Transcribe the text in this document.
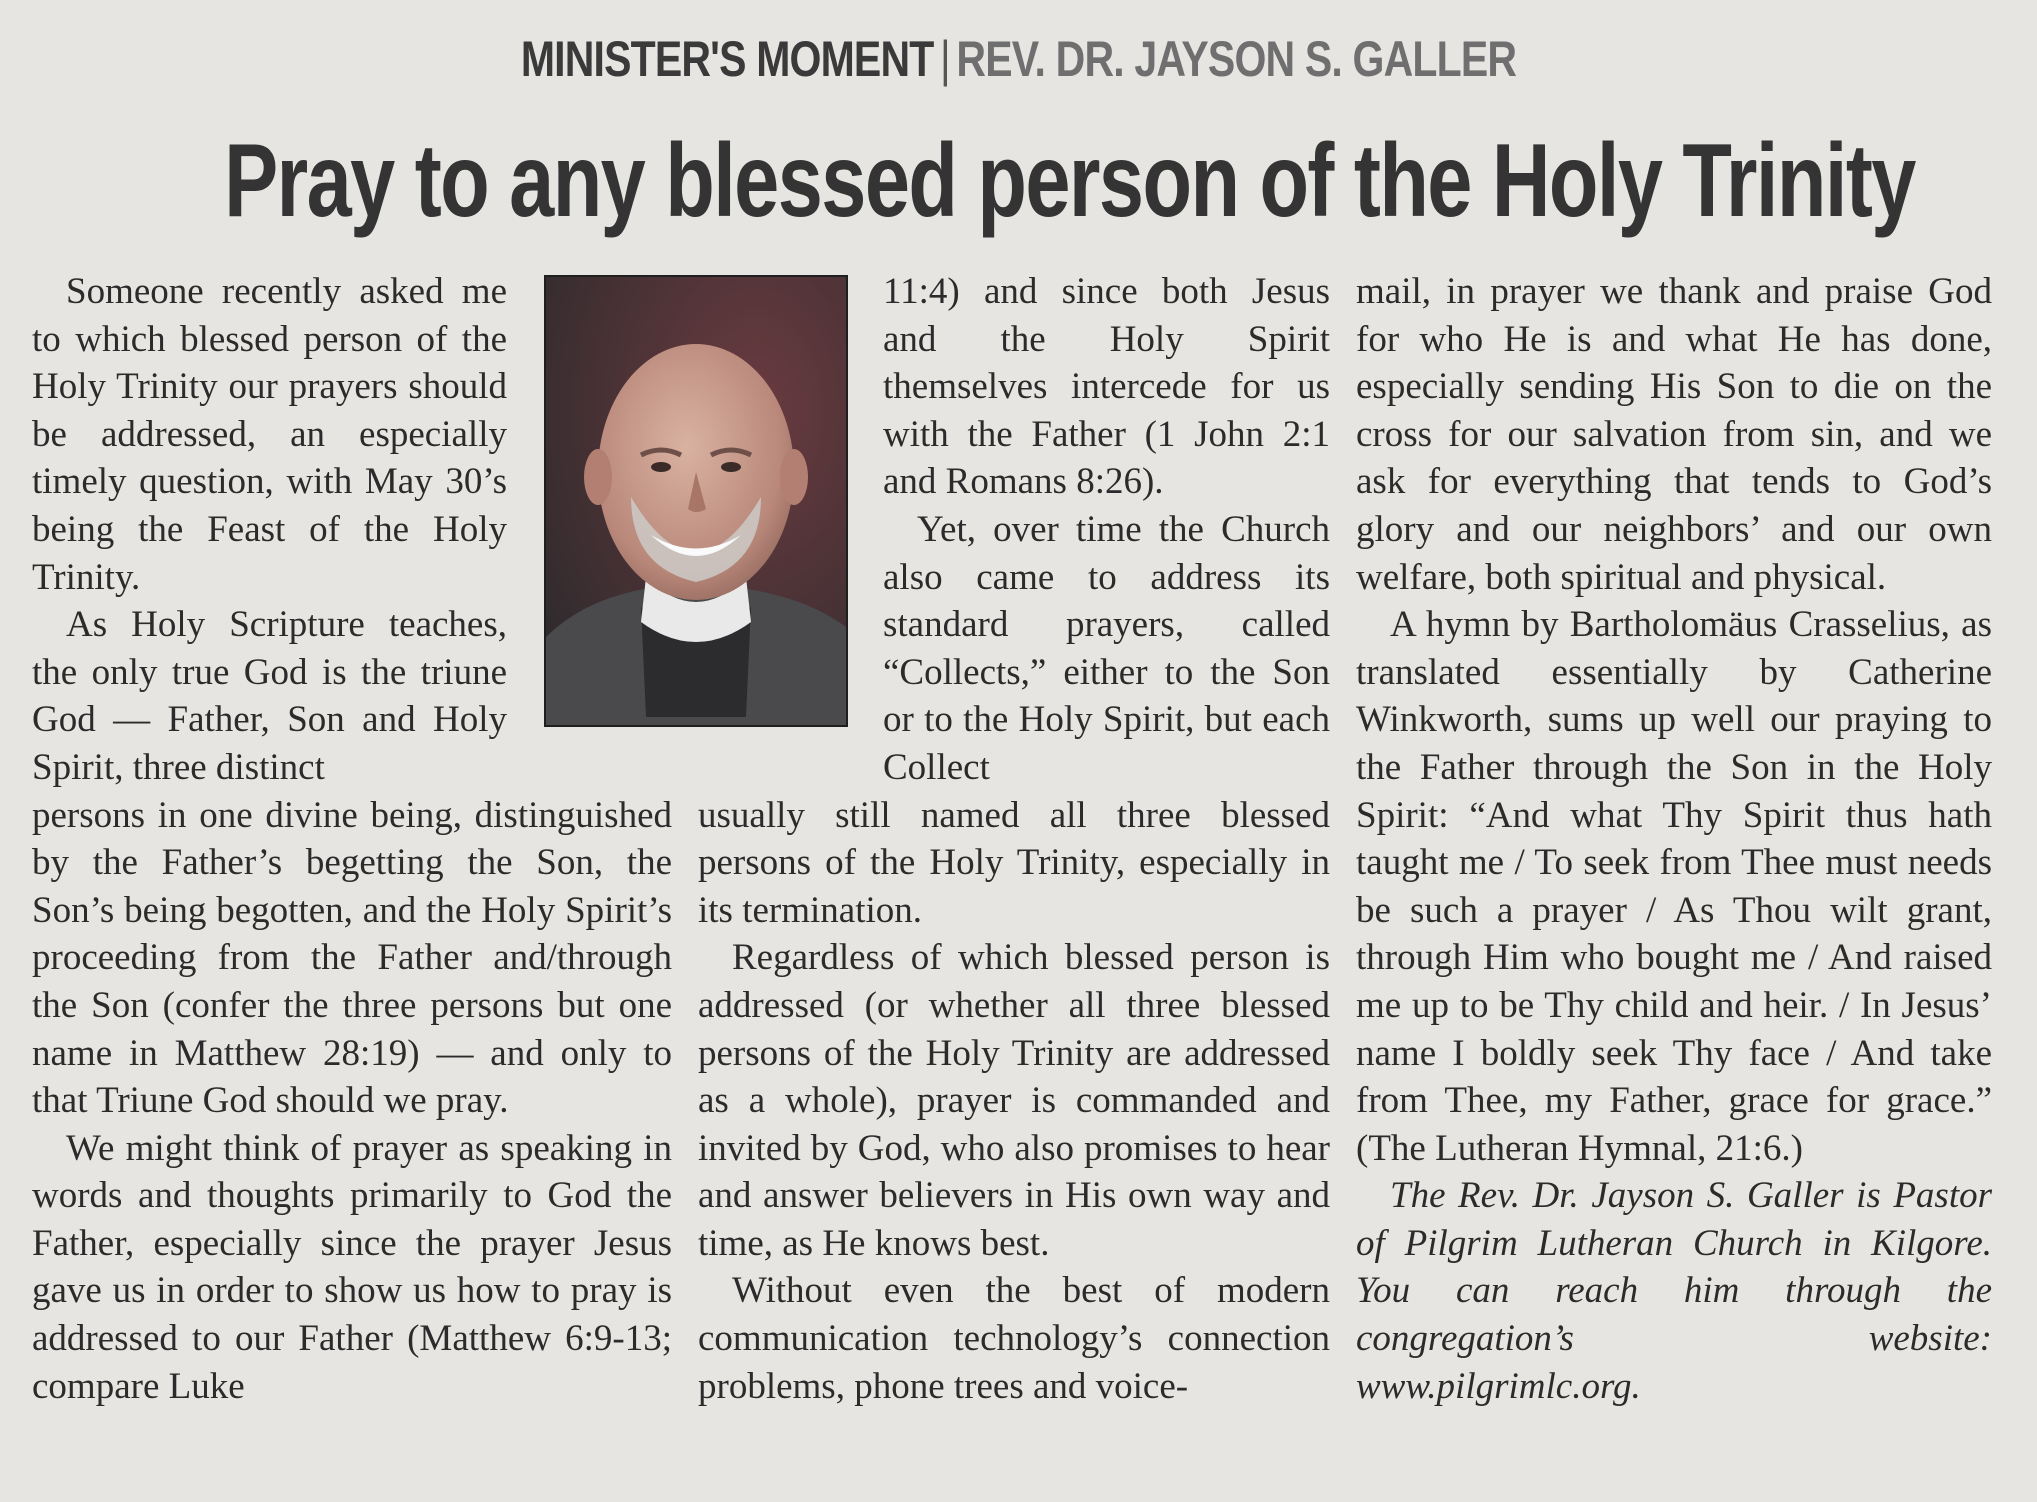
MINISTER'S MOMENT | REV. DR. JAYSON S. GALLER
Pray to any blessed person of the Holy Trinity

Someone recently asked me to which blessed person of the Holy Trinity our prayers should be addressed, an especially timely question, with May 30’s being the Feast of the Holy Trinity.

As Holy Scripture teaches, the only true God is the triune God — Father, Son and Holy Spirit, three distinct

persons in one divine being, distinguished by the Father’s begetting the Son, the Son’s being begotten, and the Holy Spirit’s proceeding from the Father and/through the Son (confer the three persons but one name in Matthew 28:19) — and only to that Triune God should we pray.

We might think of prayer as speaking in words and thoughts primarily to God the Father, especially since the prayer Jesus gave us in order to show us how to pray is addressed to our Father (Matthew 6:9-13; compare Luke

11:4) and since both Jesus and the Holy Spirit themselves intercede for us with the Father (1 John 2:1 and Romans 8:26).

Yet, over time the Church also came to address its standard prayers, called “Collects,” either to the Son or to the Holy Spirit, but each Collect

usually still named all three blessed persons of the Holy Trinity, especially in its termination.

Regardless of which blessed person is addressed (or whether all three blessed persons of the Holy Trinity are addressed as a whole), prayer is commanded and invited by God, who also promises to hear and answer believers in His own way and time, as He knows best.

Without even the best of modern communication technology’s connection problems, phone trees and voice-

mail, in prayer we thank and praise God for who He is and what He has done, especially sending His Son to die on the cross for our salvation from sin, and we ask for everything that tends to God’s glory and our neighbors’ and our own welfare, both spiritual and physical.

A hymn by Bartholomäus Crasselius, as translated essentially by Catherine Winkworth, sums up well our praying to the Father through the Son in the Holy Spirit: “And what Thy Spirit thus hath taught me / To seek from Thee must needs be such a prayer / As Thou wilt grant, through Him who bought me / And raised me up to be Thy child and heir. / In Jesus’ name I boldly seek Thy face / And take from Thee, my Father, grace for grace.” (The Lutheran Hymnal, 21:6.)

The Rev. Dr. Jayson S. Galler is Pastor of Pilgrim Lutheran Church in Kilgore. You can reach him through the congregation’s website: www.pilgrimlc.org.
